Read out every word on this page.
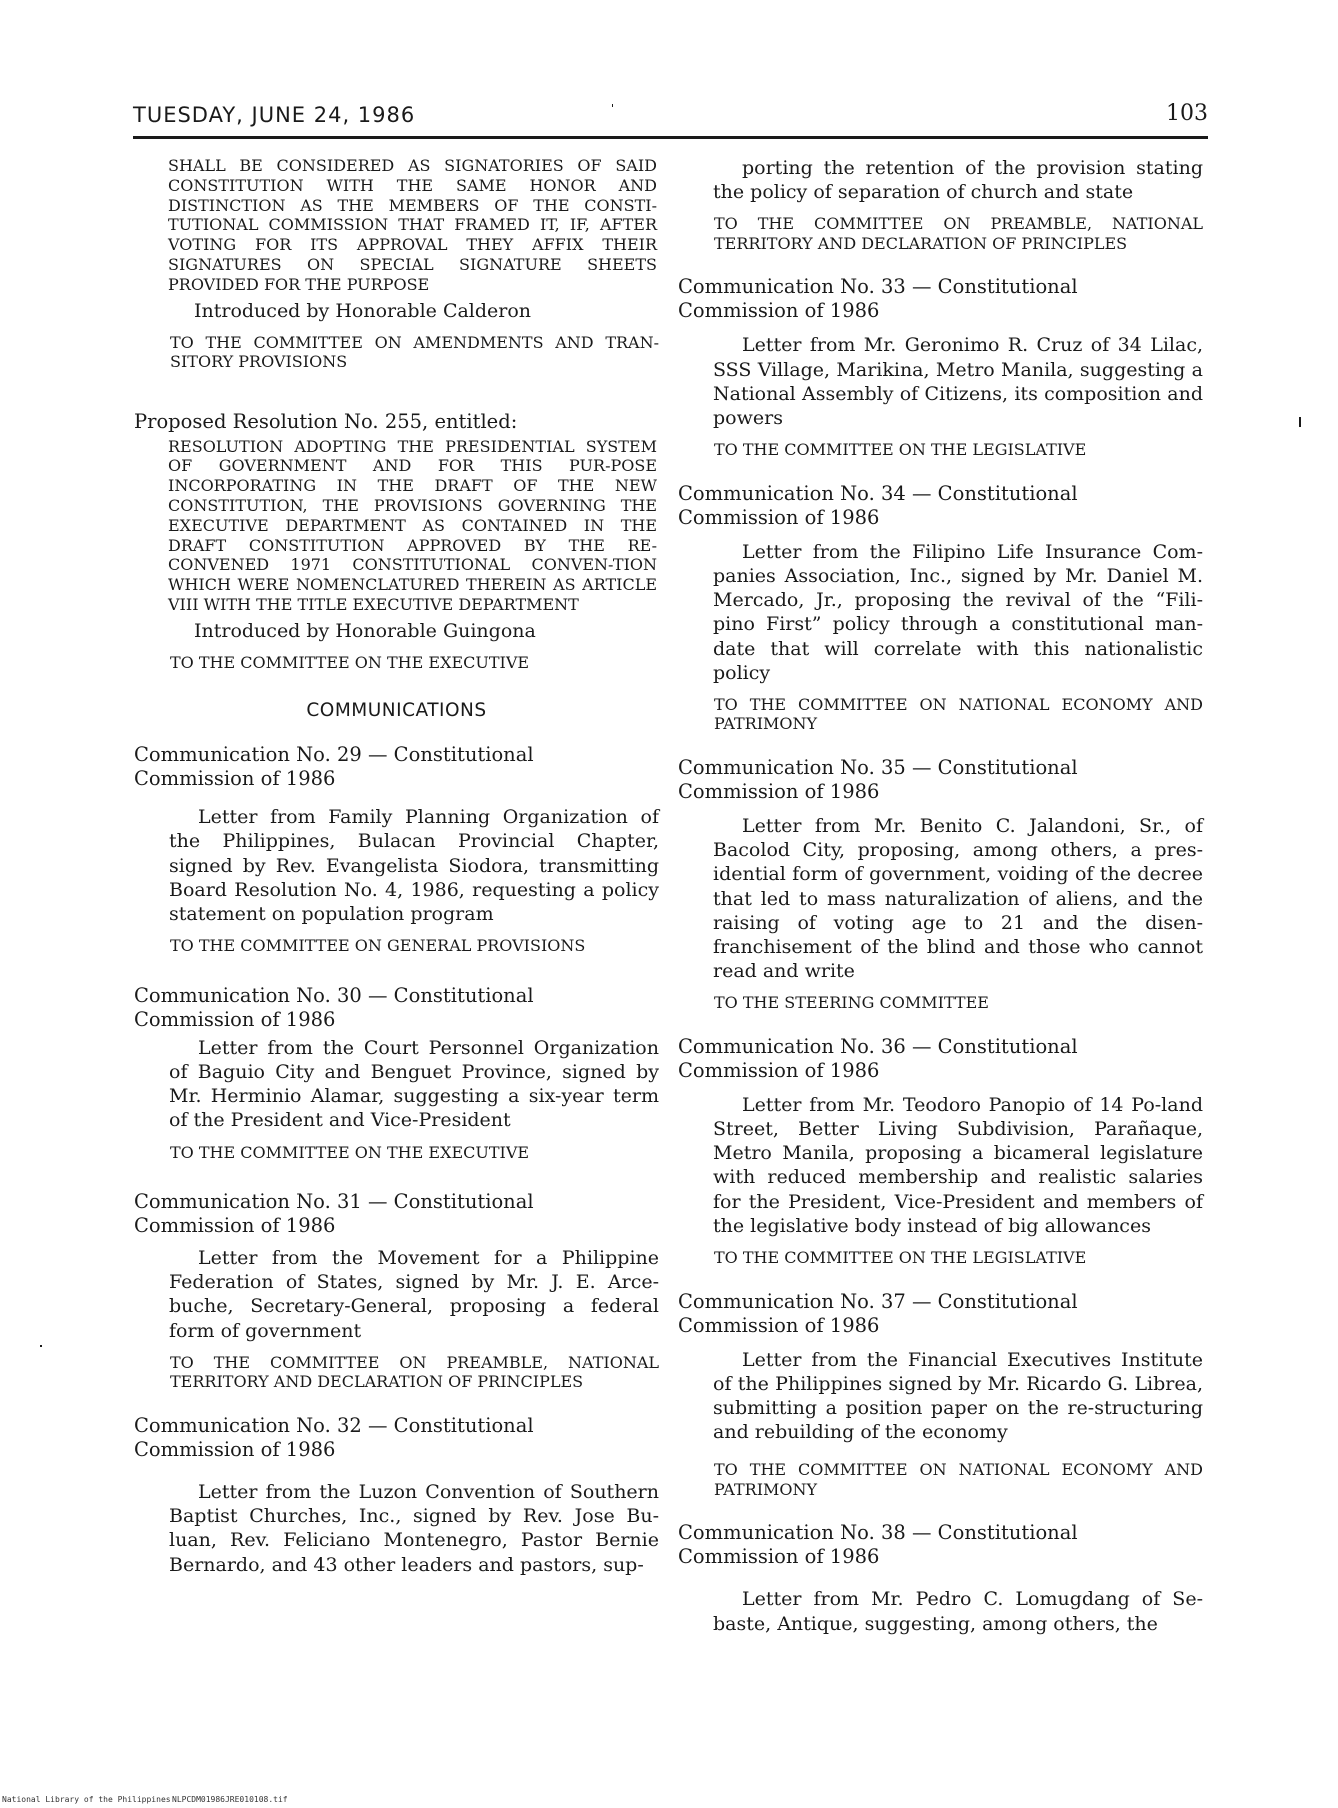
TUESDAY, JUNE 24, 1986	103

SHALL BE CONSIDERED AS SIGNATORIES OF SAID CONSTITUTION WITH THE SAME HONOR AND DISTINCTION AS THE MEMBERS OF THE CONSTI-TUTIONAL COMMISSION THAT FRAMED IT, IF, AFTER VOTING FOR ITS APPROVAL THEY AFFIX THEIR SIGNATURES ON SPECIAL SIGNATURE SHEETS PROVIDED FOR THE PURPOSE

Introduced by Honorable Calderon

TO THE COMMITTEE ON AMENDMENTS AND TRAN-SITORY PROVISIONS

Proposed Resolution No. 255, entitled:

RESOLUTION ADOPTING THE PRESIDENTIAL SYSTEM OF GOVERNMENT AND FOR THIS PUR-POSE INCORPORATING IN THE DRAFT OF THE NEW CONSTITUTION, THE PROVISIONS GOVERNING THE EXECUTIVE DEPARTMENT AS CONTAINED IN THE DRAFT CONSTITUTION APPROVED BY THE RE-CONVENED 1971 CONSTITUTIONAL CONVEN-TION WHICH WERE NOMENCLATURED THEREIN AS ARTICLE VIII WITH THE TITLE EXECUTIVE DEPARTMENT

Introduced by Honorable Guingona

TO THE COMMITTEE ON THE EXECUTIVE

COMMUNICATIONS

Communication No. 29 — Constitutional Commission of 1986

Letter from Family Planning Organization of the Philippines, Bulacan Provincial Chapter, signed by Rev. Evangelista Siodora, transmitting Board Resolution No. 4, 1986, requesting a policy statement on population program

TO THE COMMITTEE ON GENERAL PROVISIONS

Communication No. 30 — Constitutional Commission of 1986

Letter from the Court Personnel Organization of Baguio City and Benguet Province, signed by Mr. Herminio Alamar, suggesting a six-year term of the President and Vice-President

TO THE COMMITTEE ON THE EXECUTIVE

Communication No. 31 — Constitutional Commission of 1986

Letter from the Movement for a Philippine Federation of States, signed by Mr. J. E. Arce-buche, Secretary-General, proposing a federal form of government

TO THE COMMITTEE ON PREAMBLE, NATIONAL TERRITORY AND DECLARATION OF PRINCIPLES

Communication No. 32 — Constitutional Commission of 1986

Letter from the Luzon Convention of Southern Baptist Churches, Inc., signed by Rev. Jose Bu-luan, Rev. Feliciano Montenegro, Pastor Bernie Bernardo, and 43 other leaders and pastors, sup-

porting the retention of the provision stating the policy of separation of church and state

TO THE COMMITTEE ON PREAMBLE, NATIONAL TERRITORY AND DECLARATION OF PRINCIPLES

Communication No. 33 — Constitutional Commission of 1986

Letter from Mr. Geronimo R. Cruz of 34 Lilac, SSS Village, Marikina, Metro Manila, suggesting a National Assembly of Citizens, its composition and powers

TO THE COMMITTEE ON THE LEGISLATIVE

Communication No. 34 — Constitutional Commission of 1986

Letter from the Filipino Life Insurance Com-panies Association, Inc., signed by Mr. Daniel M. Mercado, Jr., proposing the revival of the “Fili-pino First” policy through a constitutional man-date that will correlate with this nationalistic policy

TO THE COMMITTEE ON NATIONAL ECONOMY AND PATRIMONY

Communication No. 35 — Constitutional Commission of 1986

Letter from Mr. Benito C. Jalandoni, Sr., of Bacolod City, proposing, among others, a pres-idential form of government, voiding of the decree that led to mass naturalization of aliens, and the raising of voting age to 21 and the disen-franchisement of the blind and those who cannot read and write

TO THE STEERING COMMITTEE

Communication No. 36 — Constitutional Commission of 1986

Letter from Mr. Teodoro Panopio of 14 Po-land Street, Better Living Subdivision, Parañaque, Metro Manila, proposing a bicameral legislature with reduced membership and realistic salaries for the President, Vice-President and members of the legislative body instead of big allowances

TO THE COMMITTEE ON THE LEGISLATIVE

Communication No. 37 — Constitutional Commission of 1986

Letter from the Financial Executives Institute of the Philippines signed by Mr. Ricardo G. Librea, submitting a position paper on the re-structuring and rebuilding of the economy

TO THE COMMITTEE ON NATIONAL ECONOMY AND PATRIMONY

Communication No. 38 — Constitutional Commission of 1986

Letter from Mr. Pedro C. Lomugdang of Se-baste, Antique, suggesting, among others, the

National Library of the Philippines NLPCDM01986JRE010108.tif
